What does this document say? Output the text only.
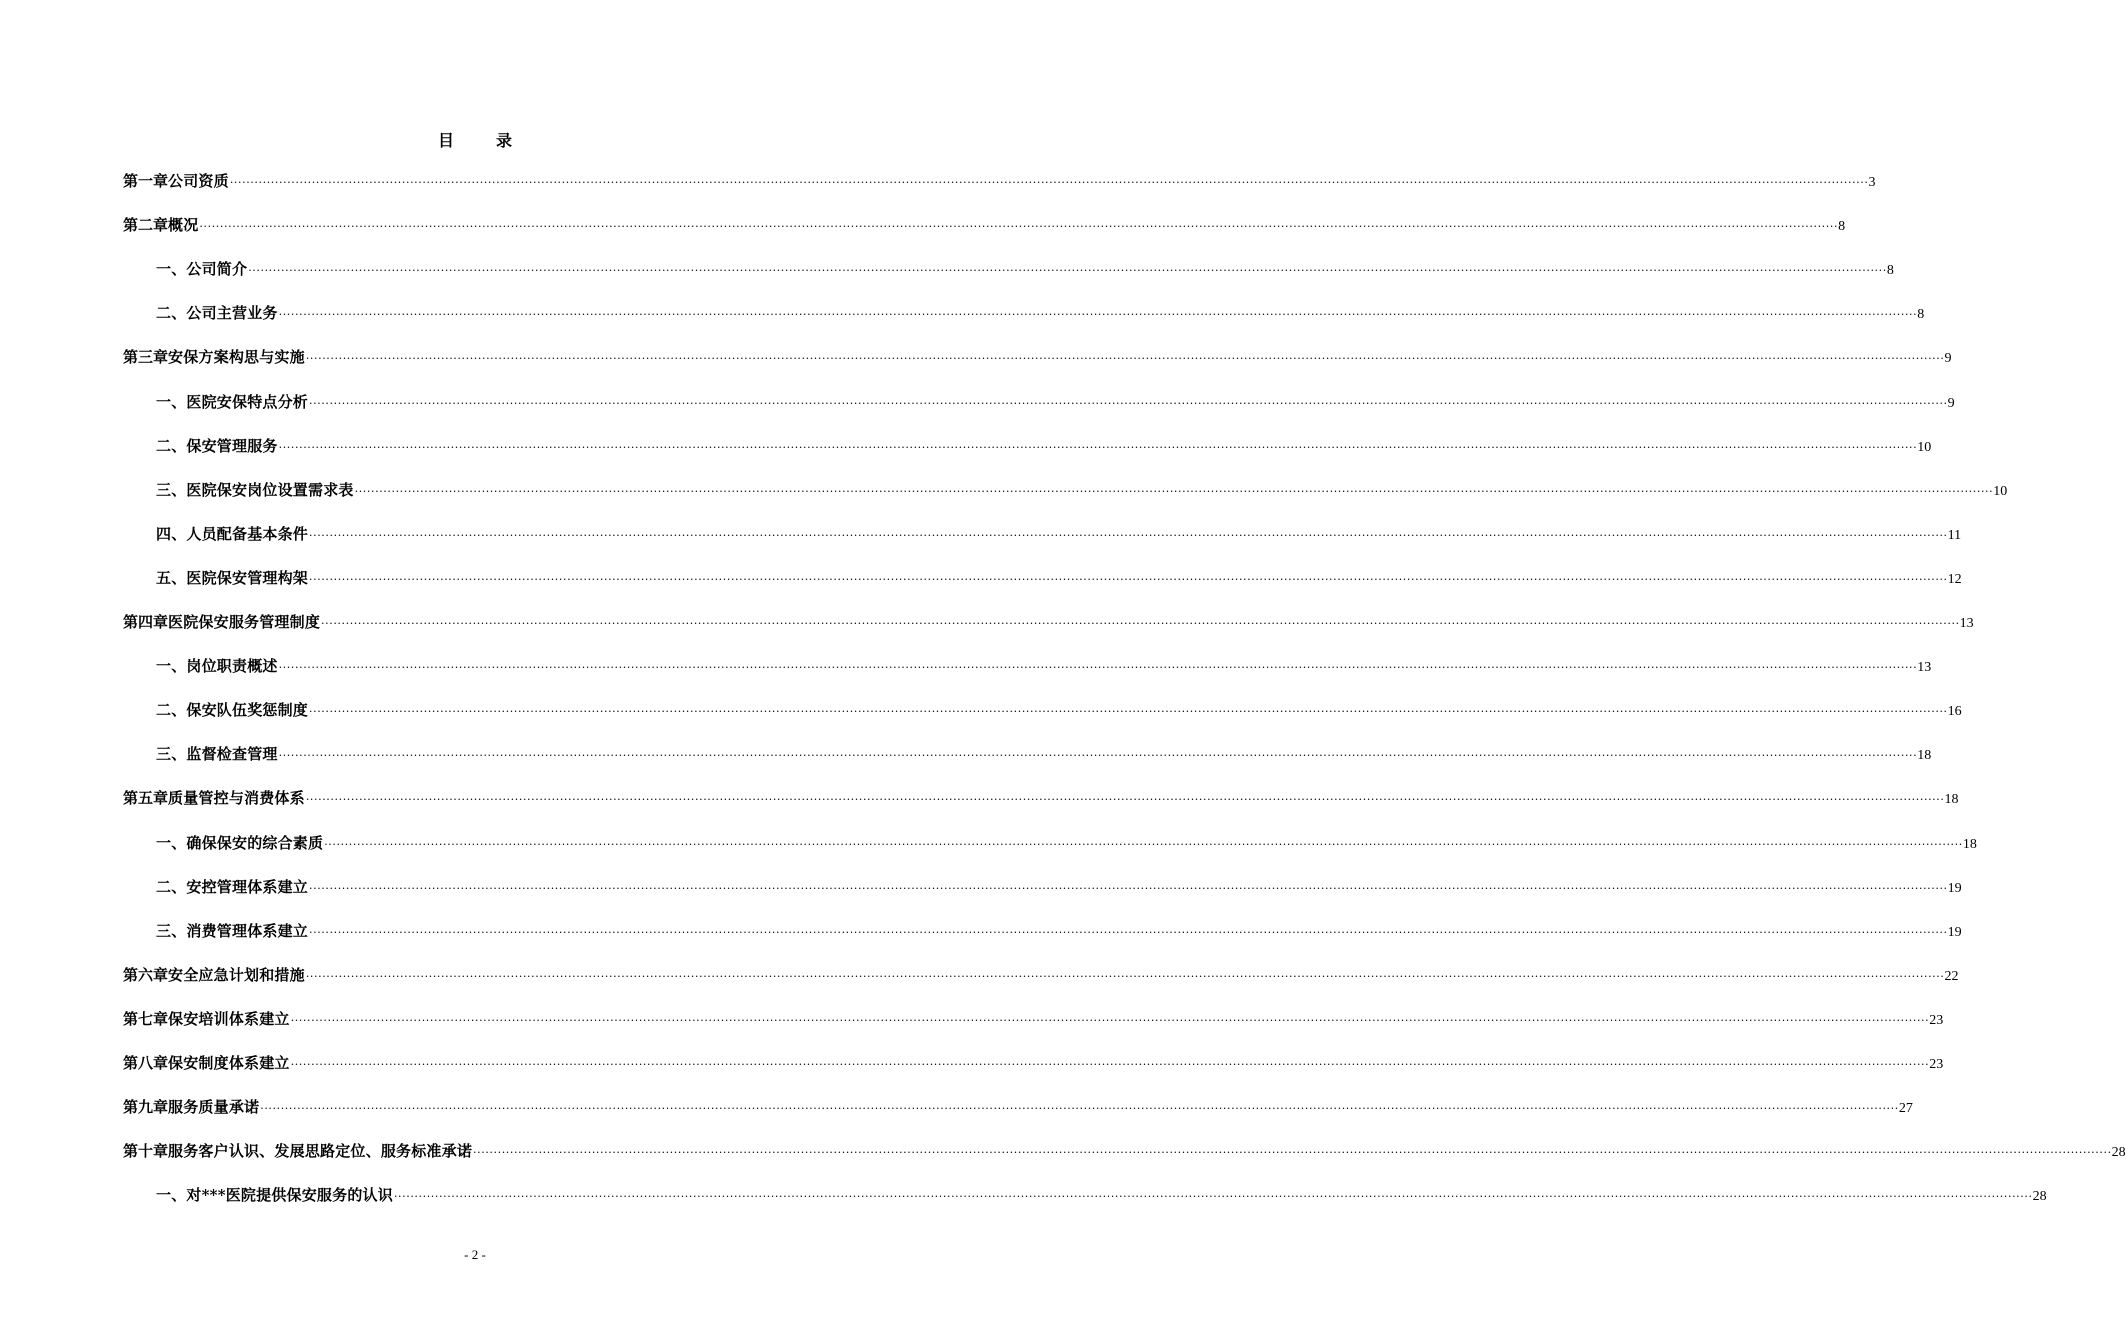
目	录
第一章 公司资质 ················································································································································································································································································································································································································ 3
第二章 概况 ················································································································································································································································································································································································································ 8
一、公司简介 ················································································································································································································································································································································································································ 8
二、公司主营业务 ················································································································································································································································································································································································································ 8
第三章 安保方案构思与实施 ················································································································································································································································································································································································································ 9
一、医院安保特点分析 ················································································································································································································································································································································································································ 9
二、保安管理服务 ················································································································································································································································································································································································································ 10
三、医院保安岗位设置需求表 ················································································································································································································································································································································································································ 10
四、人员配备基本条件 ················································································································································································································································································································································································································ 11
五、医院保安管理构架 ················································································································································································································································································································································································································ 12
第四章 医院保安服务管理制度 ················································································································································································································································································································································································································ 13
一、岗位职责概述 ················································································································································································································································································································································································································ 13
二、保安队伍奖惩制度 ················································································································································································································································································································································································································ 16
三、监督检查管理 ················································································································································································································································································································································································································ 18
第五章 质量管控与消费体系 ················································································································································································································································································································································································································ 18
一、确保保安的综合素质 ················································································································································································································································································································································································································ 18
二、安控管理体系建立 ················································································································································································································································································································································································································ 19
三、消费管理体系建立 ················································································································································································································································································································································································································ 19
第六章 安全应急计划和措施 ················································································································································································································································································································································································································ 22
第七章 保安培训体系建立 ················································································································································································································································································································································································································ 23
第八章 保安制度体系建立 ················································································································································································································································································································································································································ 23
第九章 服务质量承诺 ················································································································································································································································································································································································································ 27
第十章 服务客户认识、发展思路定位、服务标准承诺 ················································································································································································································································································································································································································ 28
一、对***医院提供保安服务的认识 ················································································································································································································································································································································································································ 28
- 2 -
